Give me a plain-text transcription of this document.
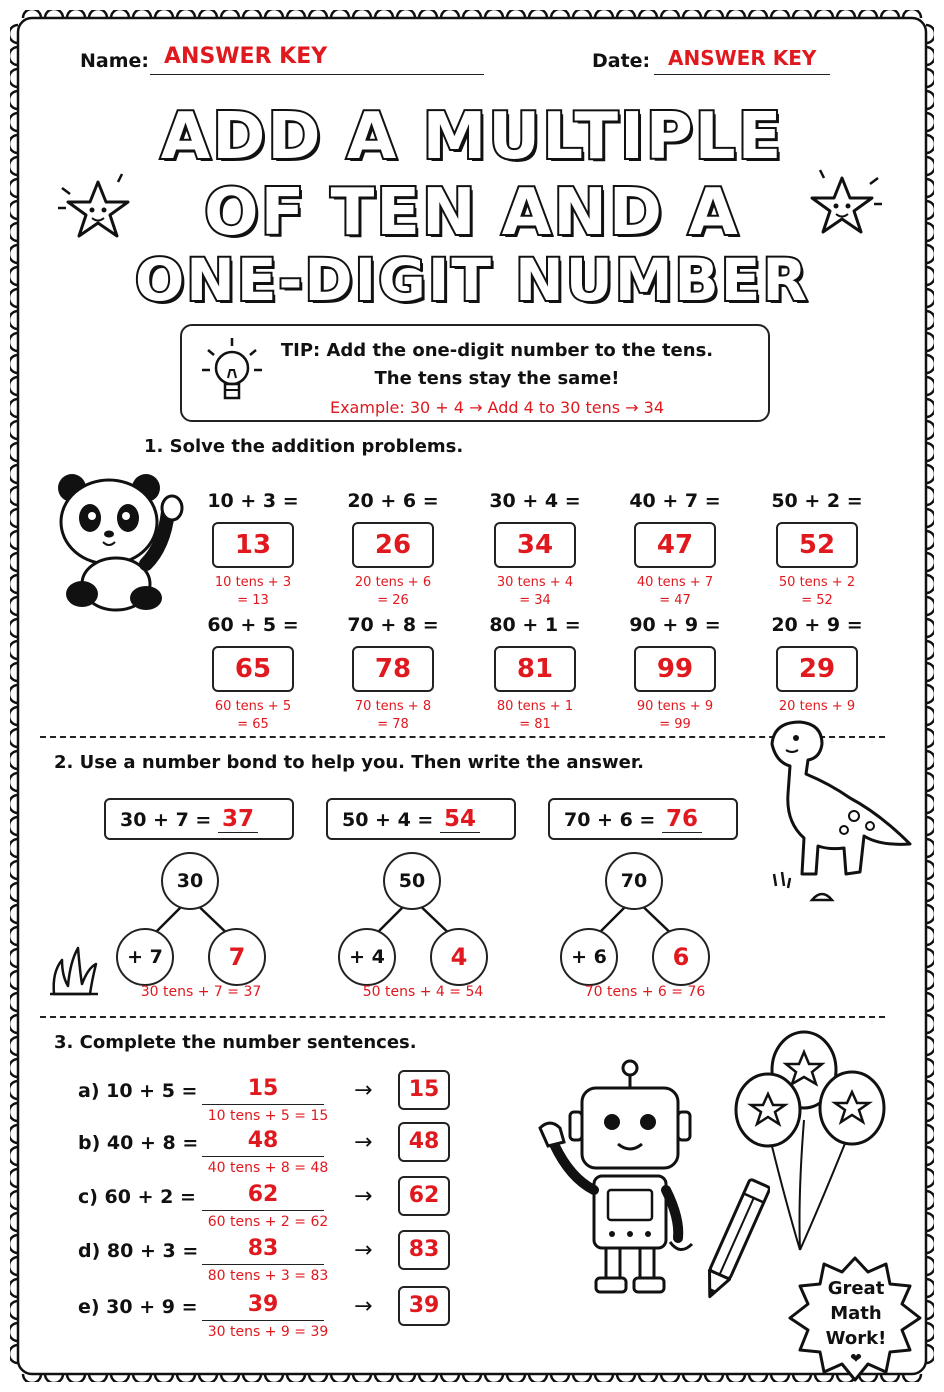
Name: ANSWER KEY	Date: ANSWER KEY
ADD A MULTIPLE
OF TEN AND A
ONE-DIGIT NUMBER
TIP: Add the one-digit number to the tens.
The tens stay the same!
Example: 30 + 4 → Add 4 to 30 tens → 34
1. Solve the addition problems.
10 + 3 =
13
10 tens + 3
= 13
20 + 6 =
26
20 tens + 6
= 26
30 + 4 =
34
30 tens + 4
= 34
40 + 7 =
47
40 tens + 7
= 47
50 + 2 =
52
50 tens + 2
= 52
60 + 5 =
65
60 tens + 5
= 65
70 + 8 =
78
70 tens + 8
= 78
80 + 1 =
81
80 tens + 1
= 81
90 + 9 =
99
90 tens + 9
= 99
20 + 9 =
29
20 tens + 9
2. Use a number bond to help you. Then write the answer.
30 + 7 = 37
30
+ 7	7
30 tens + 7 = 37
50 + 4 = 54
50
+ 4	4
50 tens + 4 = 54
70 + 6 = 76
70
+ 6	6
70 tens + 6 = 76
3. Complete the number sentences.
a) 10 + 5 =	15
10 tens + 5 = 15
→	15
b) 40 + 8 =	48
40 tens + 8 = 48
→	48
c) 60 + 2 =	62
60 tens + 2 = 62
→	62
d) 80 + 3 =	83
80 tens + 3 = 83
→	83
e) 30 + 9 =	39
30 tens + 9 = 39
→	39
Great
Math
Work!
❤
